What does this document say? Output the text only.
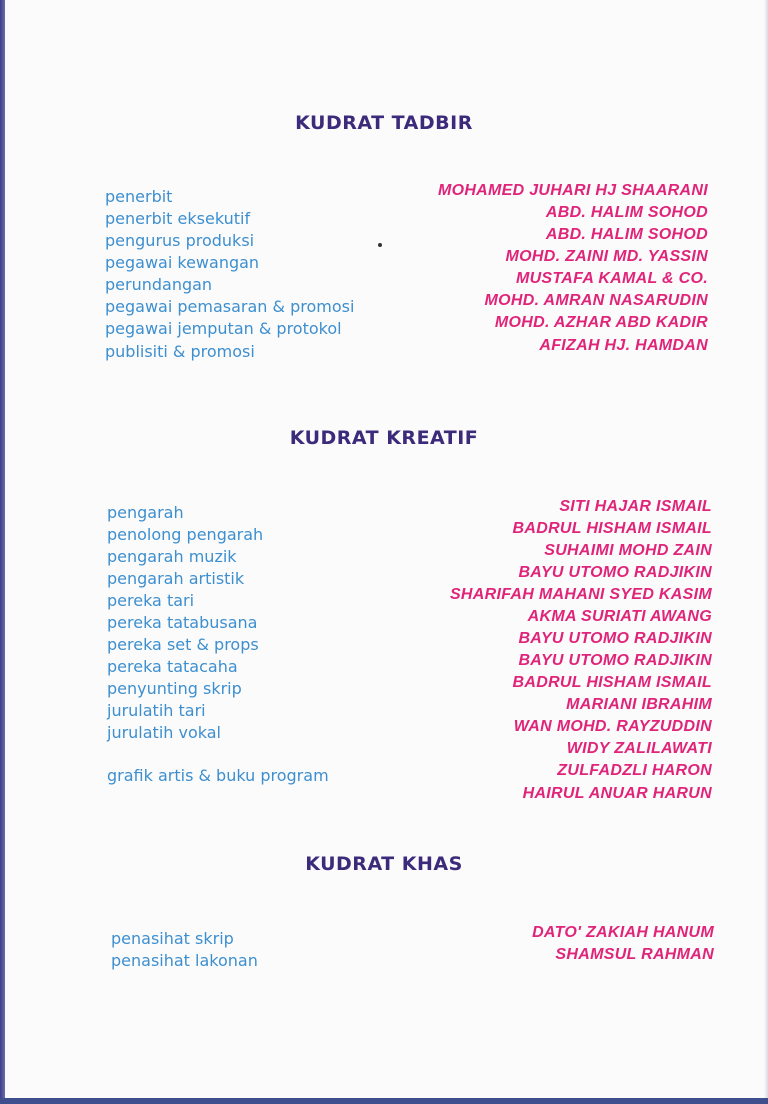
KUDRAT TADBIR
penerbit
penerbit eksekutif
pengurus produksi
pegawai kewangan
perundangan
pegawai pemasaran & promosi
pegawai jemputan & protokol
publisiti & promosi
MOHAMED JUHARI HJ SHAARANI
ABD. HALIM SOHOD
ABD. HALIM SOHOD
MOHD. ZAINI MD. YASSIN
MUSTAFA KAMAL & CO.
MOHD. AMRAN NASARUDIN
MOHD. AZHAR ABD KADIR
AFIZAH HJ. HAMDAN
KUDRAT KREATIF
pengarah
penolong pengarah
pengarah muzik
pengarah artistik
pereka tari
pereka tatabusana
pereka set & props
pereka tatacaha
penyunting skrip
jurulatih tari
jurulatih vokal
grafik artis & buku program
SITI HAJAR ISMAIL
BADRUL HISHAM ISMAIL
SUHAIMI MOHD ZAIN
BAYU UTOMO RADJIKIN
SHARIFAH MAHANI SYED KASIM
AKMA SURIATI AWANG
BAYU UTOMO RADJIKIN
BAYU UTOMO RADJIKIN
BADRUL HISHAM ISMAIL
MARIANI IBRAHIM
WAN MOHD. RAYZUDDIN
WIDY ZALILAWATI
ZULFADZLI HARON
HAIRUL ANUAR HARUN
KUDRAT KHAS
penasihat skrip
penasihat lakonan
DATO' ZAKIAH HANUM
SHAMSUL RAHMAN
